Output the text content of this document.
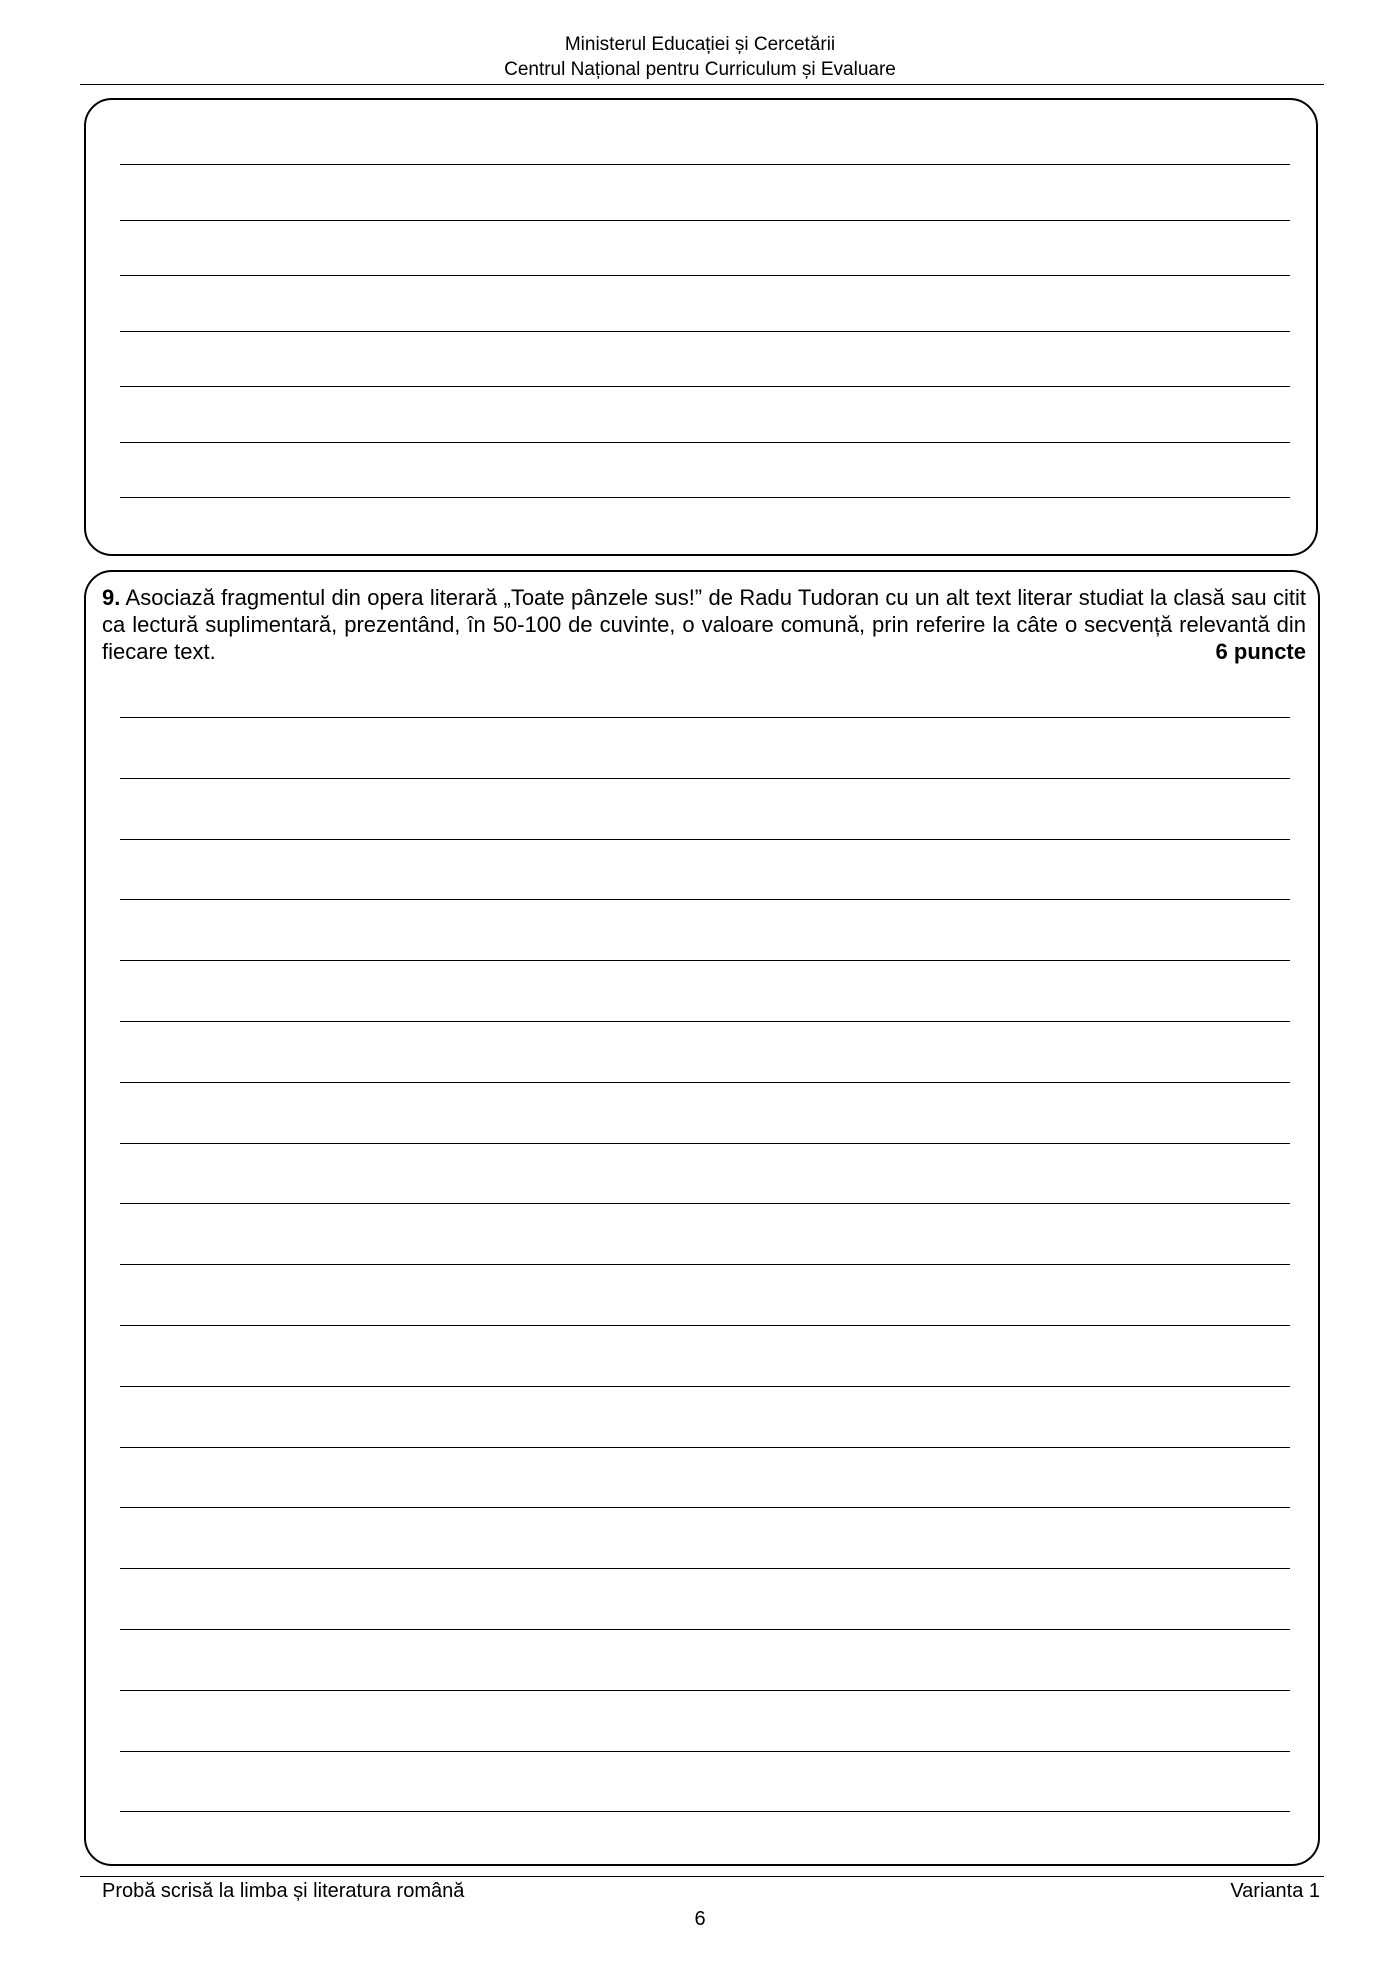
Ministerul Educației și Cercetării
Centrul Național pentru Curriculum și Evaluare
9. Asociază fragmentul din opera literară „Toate pânzele sus!” de Radu Tudoran cu un alt text literar studiat la clasă sau citit ca lectură suplimentară, prezentând, în 50-100 de cuvinte, o valoare comună, prin referire la câte o secvență relevantă din fiecare text.	6 puncte
Probă scrisă la limba și literatura română	Varianta 1
6
